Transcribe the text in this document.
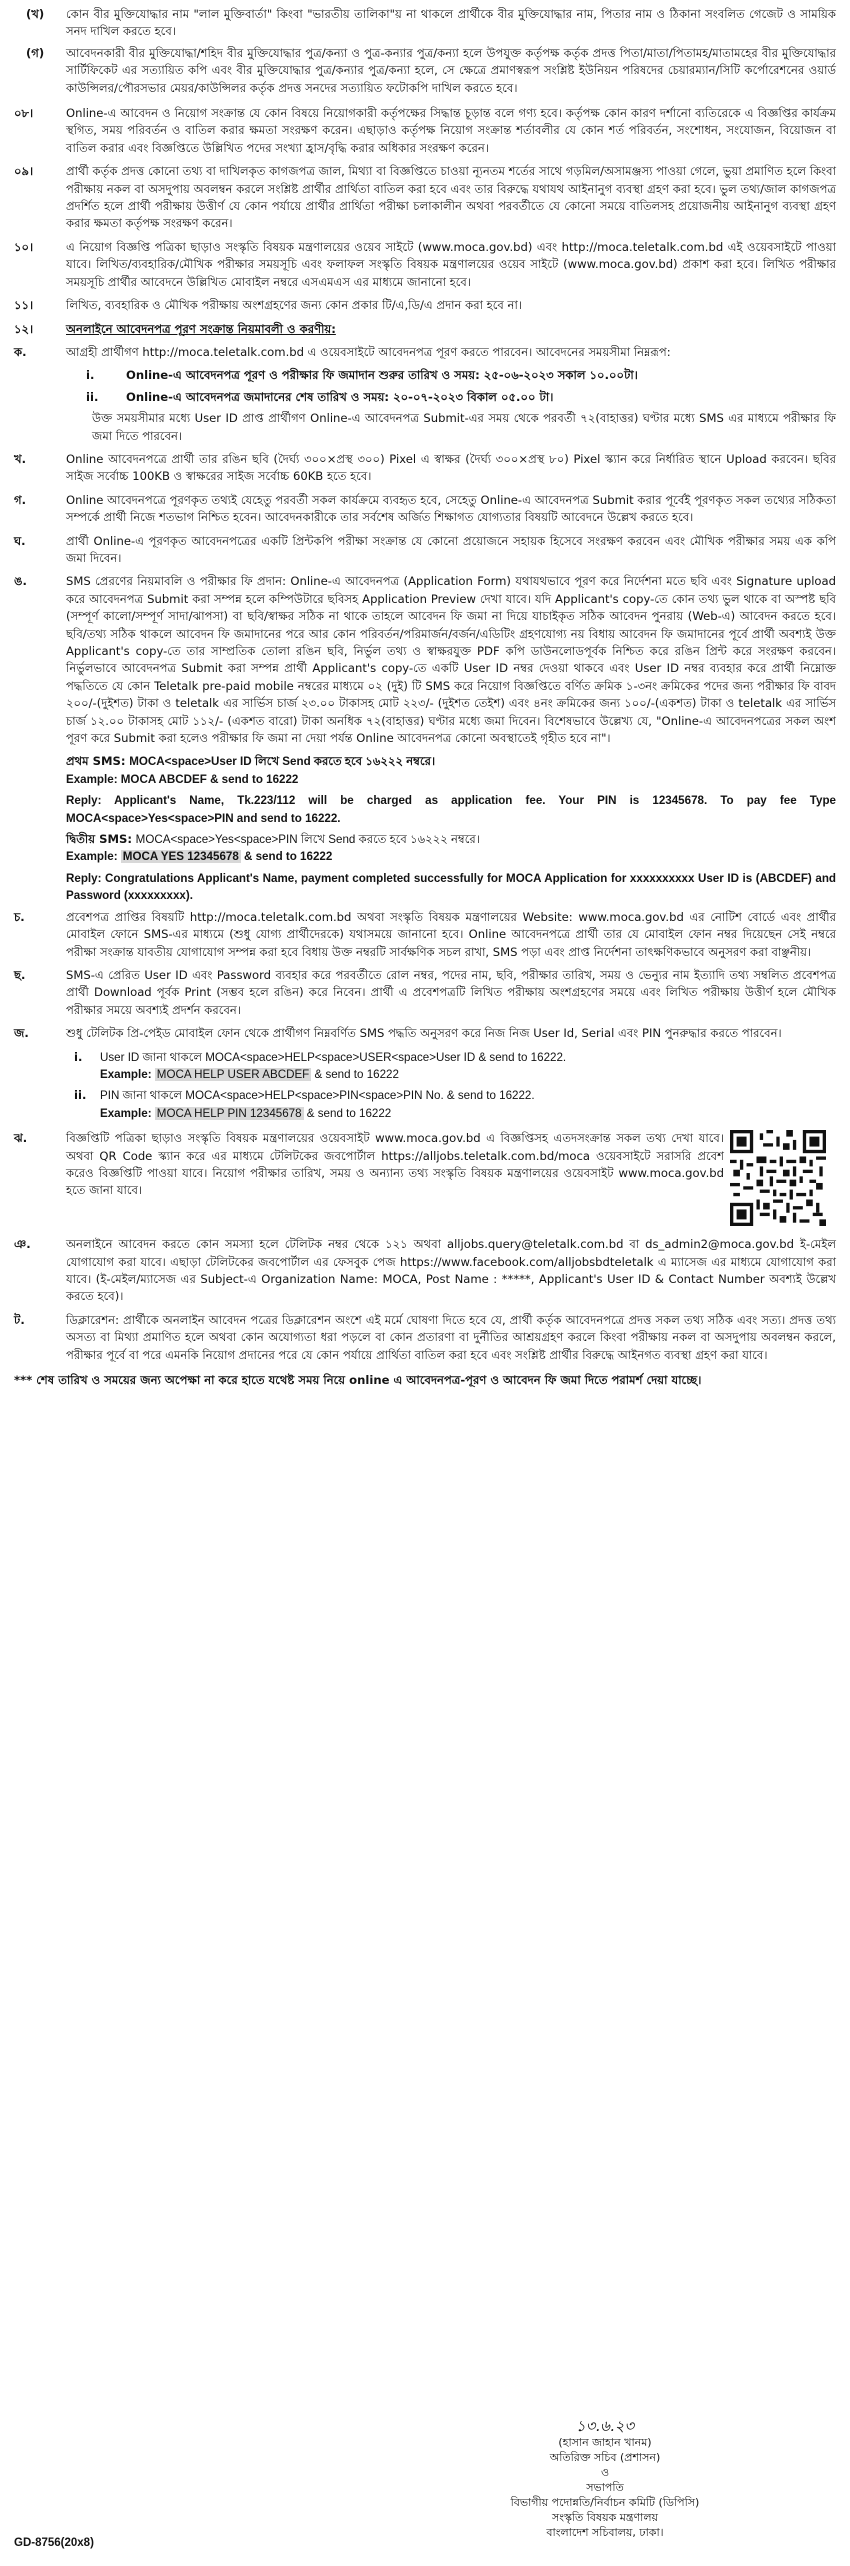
(খ)	কোন বীর মুক্তিযোদ্ধার নাম "লাল মুক্তিবার্তা" কিংবা "ভারতীয় তালিকা"য় না থাকলে প্রার্থীকে বীর মুক্তিযোদ্ধার নাম, পিতার নাম ও ঠিকানা সংবলিত গেজেট ও সাময়িক সনদ দাখিল করতে হবে।
(গ)	আবেদনকারী বীর মুক্তিযোদ্ধা/শহিদ বীর মুক্তিযোদ্ধার পুত্র/কন্যা ও পুত্র-কন্যার পুত্র/কন্যা হলে উপযুক্ত কর্তৃপক্ষ কর্তৃক প্রদত্ত পিতা/মাতা/পিতামহ/মাতামহের বীর মুক্তিযোদ্ধার সার্টিফিকেট এর সত্যায়িত কপি এবং বীর মুক্তিযোদ্ধার পুত্র/কন্যার পুত্র/কন্যা হলে, সে ক্ষেত্রে প্রমাণস্বরূপ সংশ্লিষ্ট ইউনিয়ন পরিষদের চেয়ারম্যান/সিটি কর্পোরেশনের ওয়ার্ড কাউন্সিলর/পৌরসভার মেয়র/কাউন্সিলর কর্তৃক প্রদত্ত সনদের সত্যায়িত ফটোকপি দাখিল করতে হবে।
০৮।	Online-এ আবেদন ও নিয়োগ সংক্রান্ত যে কোন বিষয়ে নিয়োগকারী কর্তৃপক্ষের সিদ্ধান্ত চূড়ান্ত বলে গণ্য হবে। কর্তৃপক্ষ কোন কারণ দর্শানো ব্যতিরেকে এ বিজ্ঞপ্তির কার্যক্রম স্থগিত, সময় পরিবর্তন ও বাতিল করার ক্ষমতা সংরক্ষণ করেন। এছাড়াও কর্তৃপক্ষ নিয়োগ সংক্রান্ত শর্তাবলীর যে কোন শর্ত পরিবর্তন, সংশোধন, সংযোজন, বিয়োজন বা বাতিল করার এবং বিজ্ঞপ্তিতে উল্লিখিত পদের সংখ্যা হ্রাস/বৃদ্ধি করার অধিকার সংরক্ষণ করেন।
০৯।	প্রার্থী কর্তৃক প্রদত্ত কোনো তথ্য বা দাখিলকৃত কাগজপত্র জাল, মিথ্যা বা বিজ্ঞপ্তিতে চাওয়া ন্যূনতম শর্তের সাথে গড়মিল/অসামঞ্জস্য পাওয়া গেলে, ভুয়া প্রমাণিত হলে কিংবা পরীক্ষায় নকল বা অসদুপায় অবলম্বন করলে সংশ্লিষ্ট প্রার্থীর প্রার্থিতা বাতিল করা হবে এবং তার বিরুদ্ধে যথাযথ আইনানুগ ব্যবস্থা গ্রহণ করা হবে। ভুল তথ্য/জাল কাগজপত্র প্রদর্শিত হলে প্রার্থী পরীক্ষায় উত্তীর্ণ যে কোন পর্যায়ে প্রার্থীর প্রার্থিতা পরীক্ষা চলাকালীন অথবা পরবর্তীতে যে কোনো সময়ে বাতিলসহ প্রয়োজনীয় আইনানুগ ব্যবস্থা গ্রহণ করার ক্ষমতা কর্তৃপক্ষ সংরক্ষণ করেন।
১০।	এ নিয়োগ বিজ্ঞপ্তি পত্রিকা ছাড়াও সংস্কৃতি বিষয়ক মন্ত্রণালয়ের ওয়েব সাইটে (www.moca.gov.bd) এবং http://moca.teletalk.com.bd এই ওয়েবসাইটে পাওয়া যাবে। লিখিত/ব্যবহারিক/মৌখিক পরীক্ষার সময়সূচি এবং ফলাফল সংস্কৃতি বিষয়ক মন্ত্রণালয়ের ওয়েব সাইটে (www.moca.gov.bd) প্রকাশ করা হবে। লিখিত পরীক্ষার সময়সূচি প্রার্থীর আবেদনে উল্লিখিত মোবাইল নম্বরে এসএমএস এর মাধ্যমে জানানো হবে।
১১।	লিখিত, ব্যবহারিক ও মৌখিক পরীক্ষায় অংশগ্রহণের জন্য কোন প্রকার টি/এ,ডি/এ প্রদান করা হবে না।
১২।	অনলাইনে আবেদনপত্র পূরণ সংক্রান্ত নিয়মাবলী ও করণীয়:
ক.	আগ্রহী প্রার্থীগণ http://moca.teletalk.com.bd এ ওয়েবসাইটে আবেদনপত্র পূরণ করতে পারবেন। আবেদনের সময়সীমা নিম্নরূপ:
i.	Online-এ আবেদনপত্র পূরণ ও পরীক্ষার ফি জমাদান শুরুর তারিখ ও সময়: ২৫-০৬-২০২৩ সকাল ১০.০০টা।
ii.	Online-এ আবেদনপত্র জমাদানের শেষ তারিখ ও সময়: ২০-০৭-২০২৩ বিকাল ০৫.০০ টা।
উক্ত সময়সীমার মধ্যে User ID প্রাপ্ত প্রার্থীগণ Online-এ আবেদনপত্র Submit-এর সময় থেকে পরবর্তী ৭২(বাহাত্তর) ঘণ্টার মধ্যে SMS এর মাধ্যমে পরীক্ষার ফি জমা দিতে পারবেন।
খ.	Online আবেদনপত্রে প্রার্থী তার রঙিন ছবি (দৈর্ঘ্য ৩০০×প্রস্থ ৩০০) Pixel এ স্বাক্ষর (দৈর্ঘ্য ৩০০×প্রস্থ ৮০) Pixel স্ক্যান করে নির্ধারিত স্থানে Upload করবেন। ছবির সাইজ সর্বোচ্চ 100KB ও স্বাক্ষরের সাইজ সর্বোচ্চ 60KB হতে হবে।
গ.	Online আবেদনপত্রে পূরণকৃত তথ্যই যেহেতু পরবর্তী সকল কার্যক্রমে ব্যবহৃত হবে, সেহেতু Online-এ আবেদনপত্র Submit করার পূর্বেই পূরণকৃত সকল তথ্যের সঠিকতা সম্পর্কে প্রার্থী নিজে শতভাগ নিশ্চিত হবেন। আবেদনকারীকে তার সর্বশেষ অর্জিত শিক্ষাগত যোগ্যতার বিষয়টি আবেদনে উল্লেখ করতে হবে।
ঘ.	প্রার্থী Online-এ পূরণকৃত আবেদনপত্রের একটি প্রিন্টকপি পরীক্ষা সংক্রান্ত যে কোনো প্রয়োজনে সহায়ক হিসেবে সংরক্ষণ করবেন এবং মৌখিক পরীক্ষার সময় এক কপি জমা দিবেন।
ঙ.	SMS প্রেরণের নিয়মাবলি ও পরীক্ষার ফি প্রদান: Online-এ আবেদনপত্র (Application Form) যথাযথভাবে পূরণ করে নির্দেশনা মতে ছবি এবং Signature upload করে আবেদনপত্র Submit করা সম্পন্ন হলে কম্পিউটারে ছবিসহ Application Preview দেখা যাবে। যদি Applicant's copy-তে কোন তথ্য ভুল থাকে বা অস্পষ্ট ছবি (সম্পূর্ণ কালো/সম্পূর্ণ সাদা/ঝাপসা) বা ছবি/স্বাক্ষর সঠিক না থাকে তাহলে আবেদন ফি জমা না দিয়ে যাচাইকৃত সঠিক আবেদন পুনরায় (Web-এ) আবেদন করতে হবে। ছবি/তথ্য সঠিক থাকলে আবেদন ফি জমাদানের পরে আর কোন পরিবর্তন/পরিমার্জন/বর্জন/এডিটিং গ্রহণযোগ্য নয় বিধায় আবেদন ফি জমাদানের পূর্বে প্রার্থী অবশ্যই উক্ত Applicant's copy-তে তার সাম্প্রতিক তোলা রঙিন ছবি, নির্ভুল তথ্য ও স্বাক্ষরযুক্ত PDF কপি ডাউনলোডপূর্বক নিশ্চিত করে রঙিন প্রিন্ট করে সংরক্ষণ করবেন। নির্ভুলভাবে আবেদনপত্র Submit করা সম্পন্ন প্রার্থী Applicant's copy-তে একটি User ID নম্বর দেওয়া থাকবে এবং User ID নম্বর ব্যবহার করে প্রার্থী নিম্নোক্ত পদ্ধতিতে যে কোন Teletalk pre-paid mobile নম্বরের মাধ্যমে ০২ (দুই) টি SMS করে নিয়োগ বিজ্ঞপ্তিতে বর্ণিত ক্রমিক ১-৩নং ক্রমিকের পদের জন্য পরীক্ষার ফি বাবদ ২০০/-(দুইশত) টাকা ও teletalk এর সার্ভিস চার্জ ২৩.০০ টাকাসহ মোট ২২৩/- (দুইশত তেইশ) এবং ৪নং ক্রমিকের জন্য ১০০/-(একশত) টাকা ও teletalk এর সার্ভিস চার্জ ১২.০০ টাকাসহ মোট ১১২/- (একশত বারো) টাকা অনধিক ৭২(বাহাত্তর) ঘণ্টার মধ্যে জমা দিবেন। বিশেষভাবে উল্লেখ্য যে, "Online-এ আবেদনপত্রের সকল অংশ পূরণ করে Submit করা হলেও পরীক্ষার ফি জমা না দেয়া পর্যন্ত Online আবেদনপত্র কোনো অবস্থাতেই গৃহীত হবে না"।
প্রথম SMS: MOCA<space>User ID লিখে Send করতে হবে ১৬২২২ নম্বরে।
Example: MOCA ABCDEF & send to 16222
Reply: Applicant's Name, Tk.223/112 will be charged as application fee. Your PIN is 12345678. To pay fee Type MOCA<space>Yes<space>PIN and send to 16222.
দ্বিতীয় SMS: MOCA<space>Yes<space>PIN লিখে Send করতে হবে ১৬২২২ নম্বরে।
Example: MOCA YES 12345678 & send to 16222
Reply: Congratulations Applicant's Name, payment completed successfully for MOCA Application for xxxxxxxxxx User ID is (ABCDEF) and Password (xxxxxxxxx).
চ.	প্রবেশপত্র প্রাপ্তির বিষয়টি http://moca.teletalk.com.bd অথবা সংস্কৃতি বিষয়ক মন্ত্রণালয়ের Website: www.moca.gov.bd এর নোটিশ বোর্ডে এবং প্রার্থীর মোবাইল ফোনে SMS-এর মাধ্যমে (শুধু যোগ্য প্রার্থীদেরকে) যথাসময়ে জানানো হবে। Online আবেদনপত্রে প্রার্থী তার যে মোবাইল ফোন নম্বর দিয়েছেন সেই নম্বরে পরীক্ষা সংক্রান্ত যাবতীয় যোগাযোগ সম্পন্ন করা হবে বিধায় উক্ত নম্বরটি সার্বক্ষণিক সচল রাখা, SMS পড়া এবং প্রাপ্ত নির্দেশনা তাৎক্ষণিকভাবে অনুসরণ করা বাঞ্ছনীয়।
ছ.	SMS-এ প্রেরিত User ID এবং Password ব্যবহার করে পরবর্তীতে রোল নম্বর, পদের নাম, ছবি, পরীক্ষার তারিখ, সময় ও ভেন্যুর নাম ইত্যাদি তথ্য সম্বলিত প্রবেশপত্র প্রার্থী Download পূর্বক Print (সম্ভব হলে রঙিন) করে নিবেন। প্রার্থী এ প্রবেশপত্রটি লিখিত পরীক্ষায় অংশগ্রহণের সময়ে এবং লিখিত পরীক্ষায় উত্তীর্ণ হলে মৌখিক পরীক্ষার সময়ে অবশ্যই প্রদর্শন করবেন।
জ.	শুধু টেলিটক প্রি-পেইড মোবাইল ফোন থেকে প্রার্থীগণ নিম্নবর্ণিত SMS পদ্ধতি অনুসরণ করে নিজ নিজ User Id, Serial এবং PIN পুনরুদ্ধার করতে পারবেন।
i.	User ID জানা থাকলে MOCA<space>HELP<space>USER<space>User ID & send to 16222.
Example: MOCA HELP USER ABCDEF & send to 16222
ii.	PIN জানা থাকলে MOCA<space>HELP<space>PIN<space>PIN No. & send to 16222.
Example: MOCA HELP PIN 12345678 & send to 16222
ঝ.	বিজ্ঞপ্তিটি পত্রিকা ছাড়াও সংস্কৃতি বিষয়ক মন্ত্রণালয়ের ওয়েবসাইট www.moca.gov.bd এ বিজ্ঞপ্তিসহ এতদসংক্রান্ত সকল তথ্য দেখা যাবে। অথবা QR Code স্ক্যান করে এর মাধ্যমে টেলিটকের জবপোর্টাল https://alljobs.teletalk.com.bd/moca ওয়েবসাইটে সরাসরি প্রবেশ করেও বিজ্ঞপ্তিটি পাওয়া যাবে। নিয়োগ পরীক্ষার তারিখ, সময় ও অন্যান্য তথ্য সংস্কৃতি বিষয়ক মন্ত্রণালয়ের ওয়েবসাইট www.moca.gov.bd হতে জানা যাবে।
ঞ.	অনলাইনে আবেদন করতে কোন সমস্যা হলে টেলিটক নম্বর থেকে ১২১ অথবা alljobs.query@teletalk.com.bd বা ds_admin2@moca.gov.bd ই-মেইল যোগাযোগ করা যাবে। এছাড়া টেলিটকের জবপোর্টাল এর ফেসবুক পেজ https://www.facebook.com/alljobsbdteletalk এ ম্যাসেজ এর মাধ্যমে যোগাযোগ করা যাবে। (ই-মেইল/ম্যাসেজ এর Subject-এ Organization Name: MOCA, Post Name : *****, Applicant's User ID & Contact Number অবশ্যই উল্লেখ করতে হবে)।
ট.	ডিক্লারেশন: প্রার্থীকে অনলাইন আবেদন পত্রের ডিক্লারেশন অংশে এই মর্মে ঘোষণা দিতে হবে যে, প্রার্থী কর্তৃক আবেদনপত্রে প্রদত্ত সকল তথ্য সঠিক এবং সত্য। প্রদত্ত তথ্য অসত্য বা মিথ্যা প্রমাণিত হলে অথবা কোন অযোগ্যতা ধরা পড়লে বা কোন প্রতারণা বা দুর্নীতির আশ্রয়গ্রহণ করলে কিংবা পরীক্ষায় নকল বা অসদুপায় অবলম্বন করলে, পরীক্ষার পূর্বে বা পরে এমনকি নিয়োগ প্রদানের পরে যে কোন পর্যায়ে প্রার্থিতা বাতিল করা হবে এবং সংশ্লিষ্ট প্রার্থীর বিরুদ্ধে আইনগত ব্যবস্থা গ্রহণ করা যাবে।
*** শেষ তারিখ ও সময়ের জন্য অপেক্ষা না করে হাতে যথেষ্ট সময় নিয়ে online এ আবেদনপত্র-পূরণ ও আবেদন ফি জমা দিতে পরামর্শ দেয়া যাচ্ছে।
১৩.৬.২৩
(হাসান জাহান খানম)
অতিরিক্ত সচিব (প্রশাসন)
ও
সভাপতি
বিভাগীয় পদোন্নতি/নির্বাচন কমিটি (ডিপিসি)
সংস্কৃতি বিষয়ক মন্ত্রণালয়
বাংলাদেশ সচিবালয়, ঢাকা।
GD-8756(20x8)
